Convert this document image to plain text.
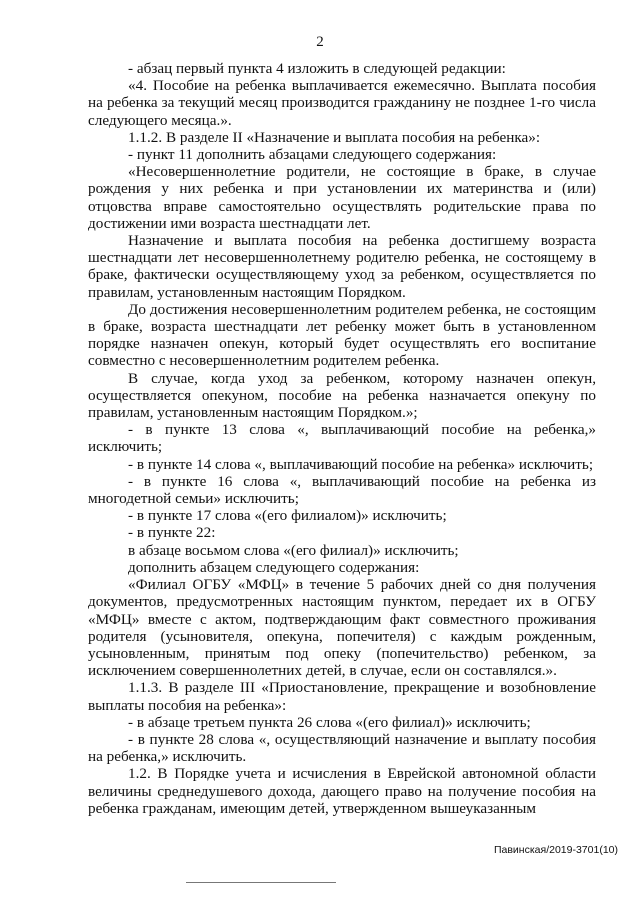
2

- абзац первый пункта 4 изложить в следующей редакции:

«4. Пособие на ребенка выплачивается ежемесячно. Выплата пособия на ребенка за текущий месяц производится гражданину не позднее 1-го числа следующего месяца.».

1.1.2. В разделе II «Назначение и выплата пособия на ребенка»:

- пункт 11 дополнить абзацами следующего содержания:

«Несовершеннолетние родители, не состоящие в браке, в случае рождения у них ребенка и при установлении их материнства и (или) отцовства вправе самостоятельно осуществлять родительские права по достижении ими возраста шестнадцати лет.

Назначение и выплата пособия на ребенка достигшему возраста шестнадцати лет несовершеннолетнему родителю ребенка, не состоящему в браке, фактически осуществляющему уход за ребенком, осуществляется по правилам, установленным настоящим Порядком.

До достижения несовершеннолетним родителем ребенка, не состоящим в браке, возраста шестнадцати лет ребенку может быть в установленном порядке назначен опекун, который будет осуществлять его воспитание совместно с несовершеннолетним родителем ребенка.

В случае, когда уход за ребенком, которому назначен опекун, осуществляется опекуном, пособие на ребенка назначается опекуну по правилам, установленным настоящим Порядком.»;

- в пункте 13 слова «, выплачивающий пособие на ребенка,» исключить;

- в пункте 14 слова «, выплачивающий пособие на ребенка» исключить;

- в пункте 16 слова «, выплачивающий пособие на ребенка из многодетной семьи» исключить;

- в пункте 17 слова «(его филиалом)» исключить;

- в пункте 22:

в абзаце восьмом слова «(его филиал)» исключить;

дополнить абзацем следующего содержания:

«Филиал ОГБУ «МФЦ» в течение 5 рабочих дней со дня получения документов, предусмотренных настоящим пунктом, передает их в ОГБУ «МФЦ» вместе с актом, подтверждающим факт совместного проживания родителя (усыновителя, опекуна, попечителя) с каждым рожденным, усыновленным, принятым под опеку (попечительство) ребенком, за исключением совершеннолетних детей, в случае, если он составлялся.».

1.1.3. В разделе III «Приостановление, прекращение и возобновление выплаты пособия на ребенка»:

- в абзаце третьем пункта 26 слова «(его филиал)» исключить;

- в пункте 28 слова «, осуществляющий назначение и выплату пособия на ребенка,» исключить.

1.2. В Порядке учета и исчисления в Еврейской автономной области величины среднедушевого дохода, дающего право на получение пособия на ребенка гражданам, имеющим детей, утвержденном вышеуказанным

Павинская/2019-3701(10)
